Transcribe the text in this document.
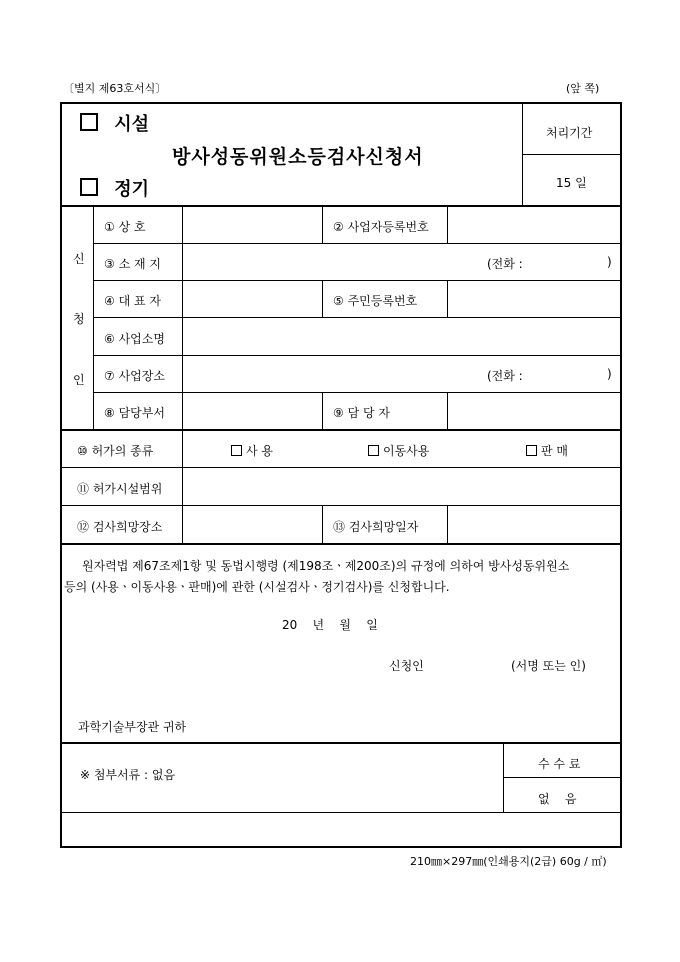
〔별지 제63호서식〕	(앞 쪽)
시설
방사성동위원소등검사신청서
정기
처리기간
15 일
신
청
인
① 상 호	② 사업자등록번호
③ 소 재 지	(전화 :	)
④ 대 표 자	⑤ 주민등록번호
⑥ 사업소명
⑦ 사업장소	(전화 :	)
⑧ 담당부서	⑨ 담 당 자
⑩ 허가의 종류	사 용	이동사용	판 매
⑪ 허가시설범위
⑫ 검사희망장소	⑬ 검사희망일자
원자력법 제67조제1항 및 동법시행령 (제198조ㆍ제200조)의 규정에 의하여 방사성동위원소
등의 (사용ㆍ이동사용ㆍ판매)에 관한 (시설검사ㆍ정기검사)를 신청합니다.
20    년    월    일
신청인	(서명 또는 인)
과학기술부장관 귀하
※ 첨부서류 : 없음
수 수 료
없    음
210㎜×297㎜(인쇄용지(2급) 60g / ㎡)
